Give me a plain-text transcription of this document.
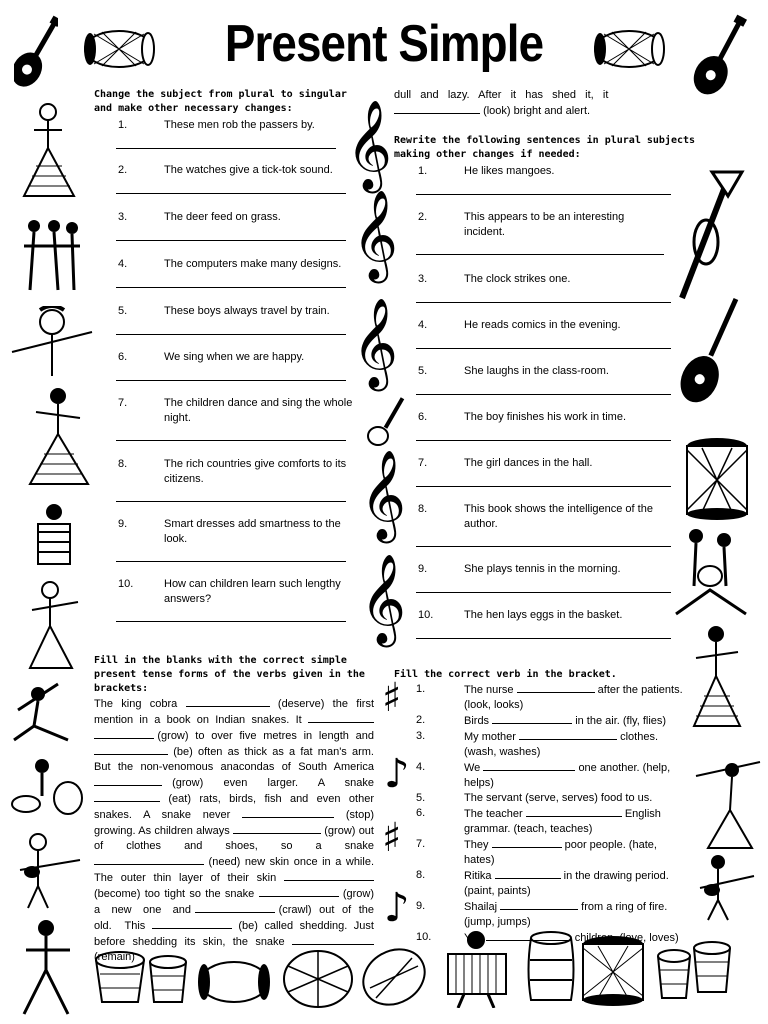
Present Simple
𝄞
𝄞
𝄞
𝄞
𝄞
♯
♪
♯
♪
Change the subject from plural to singular and make other necessary changes:
1.	These men rob the passers by.
2.	The watches give a tick-tok sound.
3.	The deer feed on grass.
4.	The computers make many designs.
5.	These boys always travel by train.
6.	We sing when we are happy.
7.	The children dance and sing the whole night.
8.	The rich countries give comforts to its citizens.
9.	Smart dresses add smartness to the look.
10.	How can children learn such lengthy answers?
dull   and   lazy.   After   it   has   shed   it,   it
(look) bright and alert.
Rewrite the following sentences in plural subjects making other changes if needed:
1.	He likes mangoes.
2.	This appears to be an interesting incident.
3.	The clock strikes one.
4.	He reads comics in the evening.
5.	She laughs in the class-room.
6.	The boy finishes his work in time.
7.	The girl dances in the hall.
8.	This book shows the intelligence of the author.
9.	She plays tennis in the morning.
10.	The hen lays eggs in the basket.
Fill in the blanks with the correct simple present tense forms of the verbs given in the brackets:
The king cobra	(deserve) the first mention in a book on Indian snakes. It   (grow)  to  over  five  metres  in  length  and  (be) often as thick as a fat man's arm. But the non-venomous anacondas of South America  (grow)  even  larger.  A  snake  (eat) rats, birds, fish and even other snakes. A snake never	(stop) growing. As children always	(grow) out  of  clothes  and  shoes,  so  a  snake  (need) new skin once in a while. The outer thin layer of their skin  (become) too tight so the snake	(grow)   a   new   one   and	(crawl)  out  of  the  old.  This	(be) called shedding. Just before shedding its skin, the snake  (remain)
Fill the correct verb in the bracket.
1.	The nurse	after the patients. (look, looks)
2.	Birds	in the air. (fly, flies)
3.	My mother	clothes. (wash, washes)
4.	We	one another. (help, helps)
5.	The servant (serve, serves) food to us.
6.	The teacher	English grammar. (teach, teaches)
7.	They	poor people. (hate, hates)
8.	Ritika	in the drawing period. (paint, paints)
9.	Shailaj	from a ring of fire. (jump, jumps)
10.	You	children. (love, loves)
